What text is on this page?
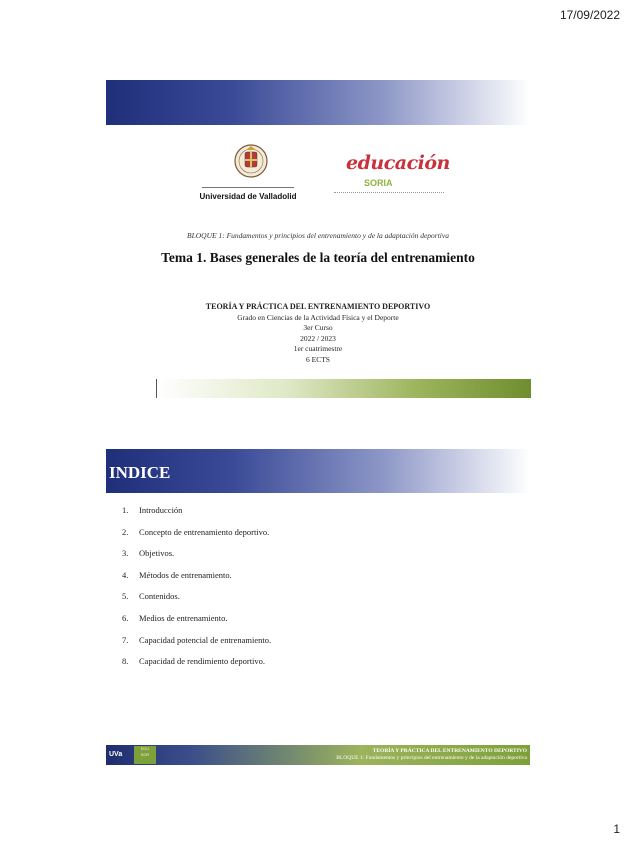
17/09/2022
Universidad de Valladolid
educación
SORIA
BLOQUE 1: Fundamentos y principios del entrenamiento y de la adaptación deportiva
Tema 1. Bases generales de la teoría del entrenamiento
TEORÍA Y PRÁCTICA DEL ENTRENAMIENTO DEPORTIVO
Grado en Ciencias de la Actividad Física y el Deporte
3er Curso
2022 / 2023
1er cuatrimestre
6 ECTS
INDICE
1.	Introducción
2.	Concepto de entrenamiento deportivo.
3.	Objetivos.
4.	Métodos de entrenamiento.
5.	Contenidos.
6.	Medios de entrenamiento.
7.	Capacidad potencial de entrenamiento.
8.	Capacidad de rendimiento deportivo.
UVa
EDU
SOR
TEORÍA Y PRÁCTICA DEL ENTRENAMIENTO DEPORTIVO
BLOQUE 1: Fundamentos y principios del entrenamiento y de la adaptación deportiva
1
